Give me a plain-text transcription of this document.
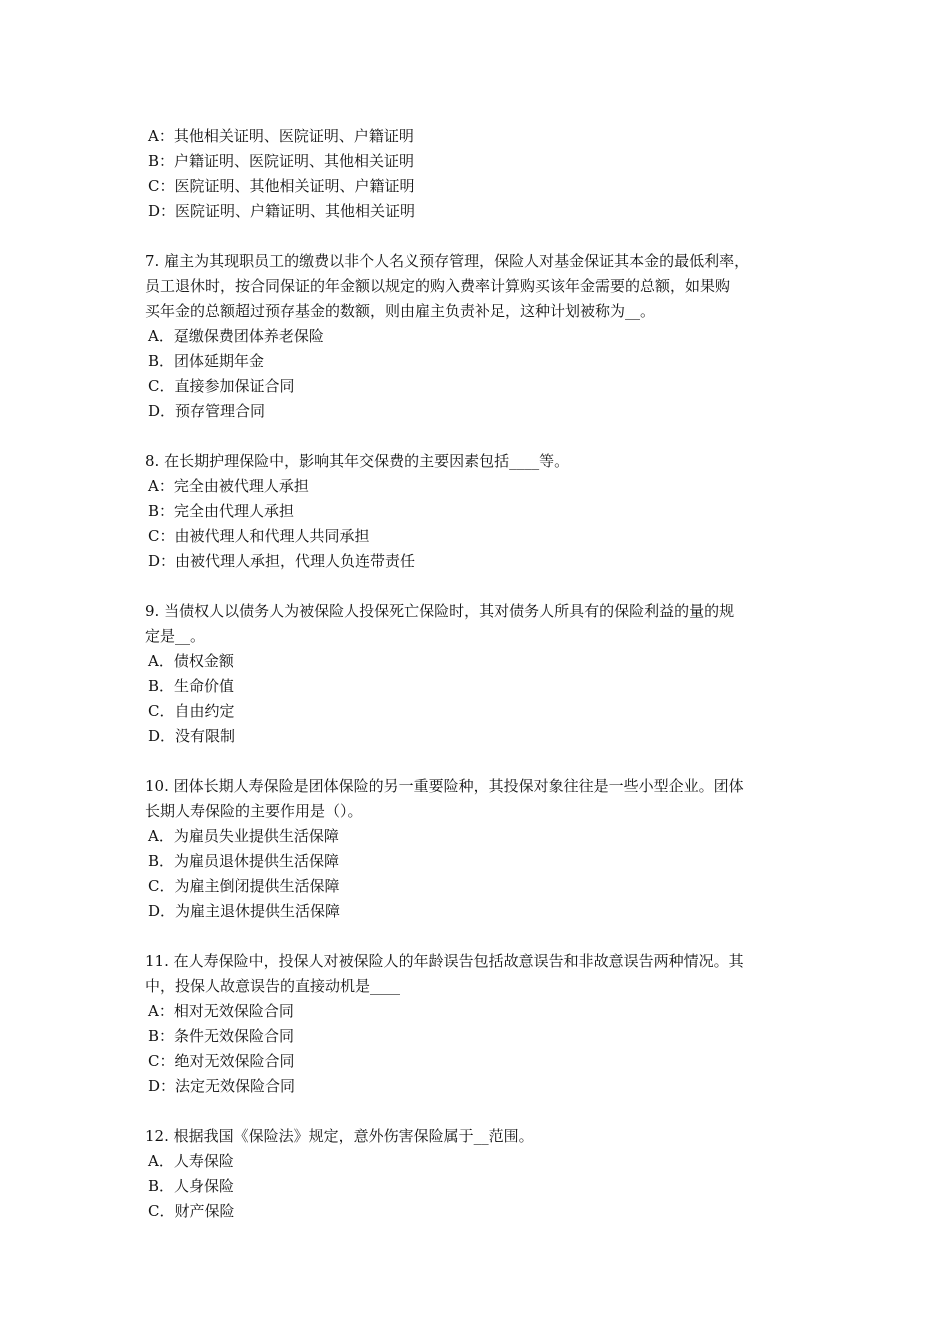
A：其他相关证明、医院证明、户籍证明
B：户籍证明、医院证明、其他相关证明
C：医院证明、其他相关证明、户籍证明
D：医院证明、户籍证明、其他相关证明
7. 雇主为其现职员工的缴费以非个人名义预存管理，保险人对基金保证其本金的最低利率，
员工退休时，按合同保证的年金额以规定的购入费率计算购买该年金需要的总额，如果购
买年金的总额超过预存基金的数额，则由雇主负责补足，这种计划被称为__。
A．趸缴保费团体养老保险
B．团体延期年金
C．直接参加保证合同
D．预存管理合同
8. 在长期护理保险中，影响其年交保费的主要因素包括____等。
A：完全由被代理人承担
B：完全由代理人承担
C：由被代理人和代理人共同承担
D：由被代理人承担，代理人负连带责任
9. 当债权人以债务人为被保险人投保死亡保险时，其对债务人所具有的保险利益的量的规
定是__。
A．债权金额
B．生命价值
C．自由约定
D．没有限制
10. 团体长期人寿保险是团体保险的另一重要险种，其投保对象往往是一些小型企业。团体
长期人寿保险的主要作用是（）。
A．为雇员失业提供生活保障
B．为雇员退休提供生活保障
C．为雇主倒闭提供生活保障
D．为雇主退休提供生活保障
11. 在人寿保险中，投保人对被保险人的年龄误告包括故意误告和非故意误告两种情况。其
中，投保人故意误告的直接动机是____
A：相对无效保险合同
B：条件无效保险合同
C：绝对无效保险合同
D：法定无效保险合同
12. 根据我国《保险法》规定，意外伤害保险属于__范围。
A．人寿保险
B．人身保险
C．财产保险
